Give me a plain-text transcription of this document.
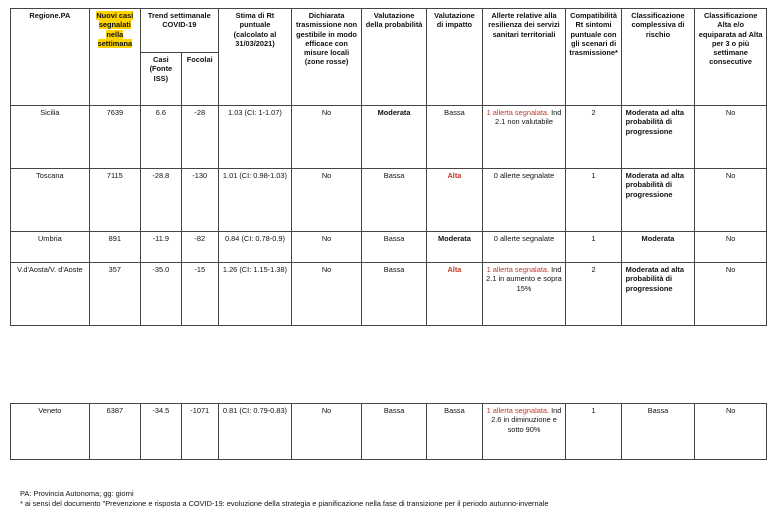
Regione.PA	Nuovi casi segnalati nella settimana	Trend settimanale COVID-19		Stima di Rt puntuale (calcolato al 31/03/2021)	Dichiarata trasmissione non gestibile in modo efficace con misure locali (zone rosse)	Valutazione della probabilità	Valutazione di impatto	Allerte relative alla resilienza dei servizi sanitari territoriali	Compatibilità Rt sintomi puntuale con gli scenari di trasmissione*	Classificazione complessiva di rischio	Classificazione Alta e/o equiparata ad Alta per 3 o più settimane consecutive
		Casi (Fonte ISS)	Focolai								
Sicilia	7639	6.6	-28	1.03 (CI: 1-1.07)	No	Moderata	Bassa	1 allerta segnalata. Ind 2.1 non valutabile	2	Moderata ad alta probabilità di progressione	No
Toscana	7115	-28.8	-130	1.01 (CI: 0.98-1.03)	No	Bassa	Alta	0 allerte segnalate	1	Moderata ad alta probabilità di progressione	No
Umbria	891	-11.9	-82	0.84 (CI: 0.78-0.9)	No	Bassa	Moderata	0 allerte segnalate	1	Moderata	No
V.d'Aosta/V. d'Aoste	357	-35.0	-15	1.26 (CI: 1.15-1.38)	No	Bassa	Alta	1 allerta segnalata. Ind 2.1 in aumento e sopra 15%	2	Moderata ad alta probabilità di progressione	No
Veneto	6387	-34.5	-1071	0.81 (CI: 0.79-0.83)	No	Bassa	Bassa	1 allerta segnalata. Ind 2.6 in diminuzione e sotto 90%	1	Bassa	No
PA: Provincia Autonoma; gg: giorni
* ai sensi del documento "Prevenzione e risposta a COVID-19: evoluzione della strategia e pianificazione nella fase di transizione per il periodo autunno-invernale
